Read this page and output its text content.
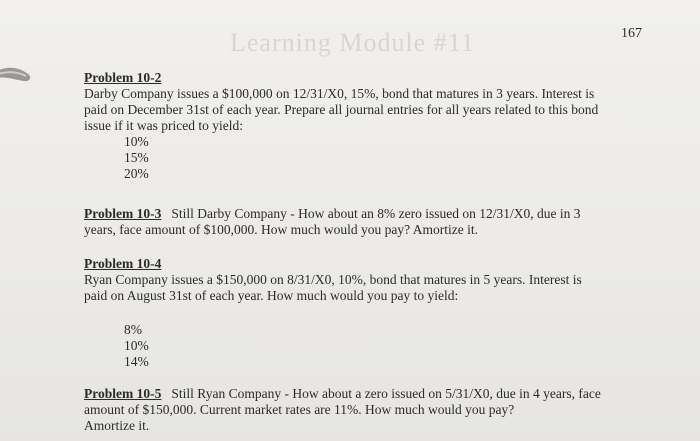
Learning Module #11	167
Problem 10-2
Darby Company issues a $100,000 on 12/31/X0, 15%, bond that matures in 3 years. Interest is
paid on December 31st of each year. Prepare all journal entries for all years related to this bond
issue if it was priced to yield:
10%
15%
20%
Problem 10-3 Still Darby Company - How about an 8% zero issued on 12/31/X0, due in 3
years, face amount of $100,000. How much would you pay? Amortize it.
Problem 10-4
Ryan Company issues a $150,000 on 8/31/X0, 10%, bond that matures in 5 years. Interest is
paid on August 31st of each year. How much would you pay to yield:
8%
10%
14%
Problem 10-5 Still Ryan Company - How about a zero issued on 5/31/X0, due in 4 years, face
amount of $150,000. Current market rates are 11%. How much would you pay?
Amortize it.
